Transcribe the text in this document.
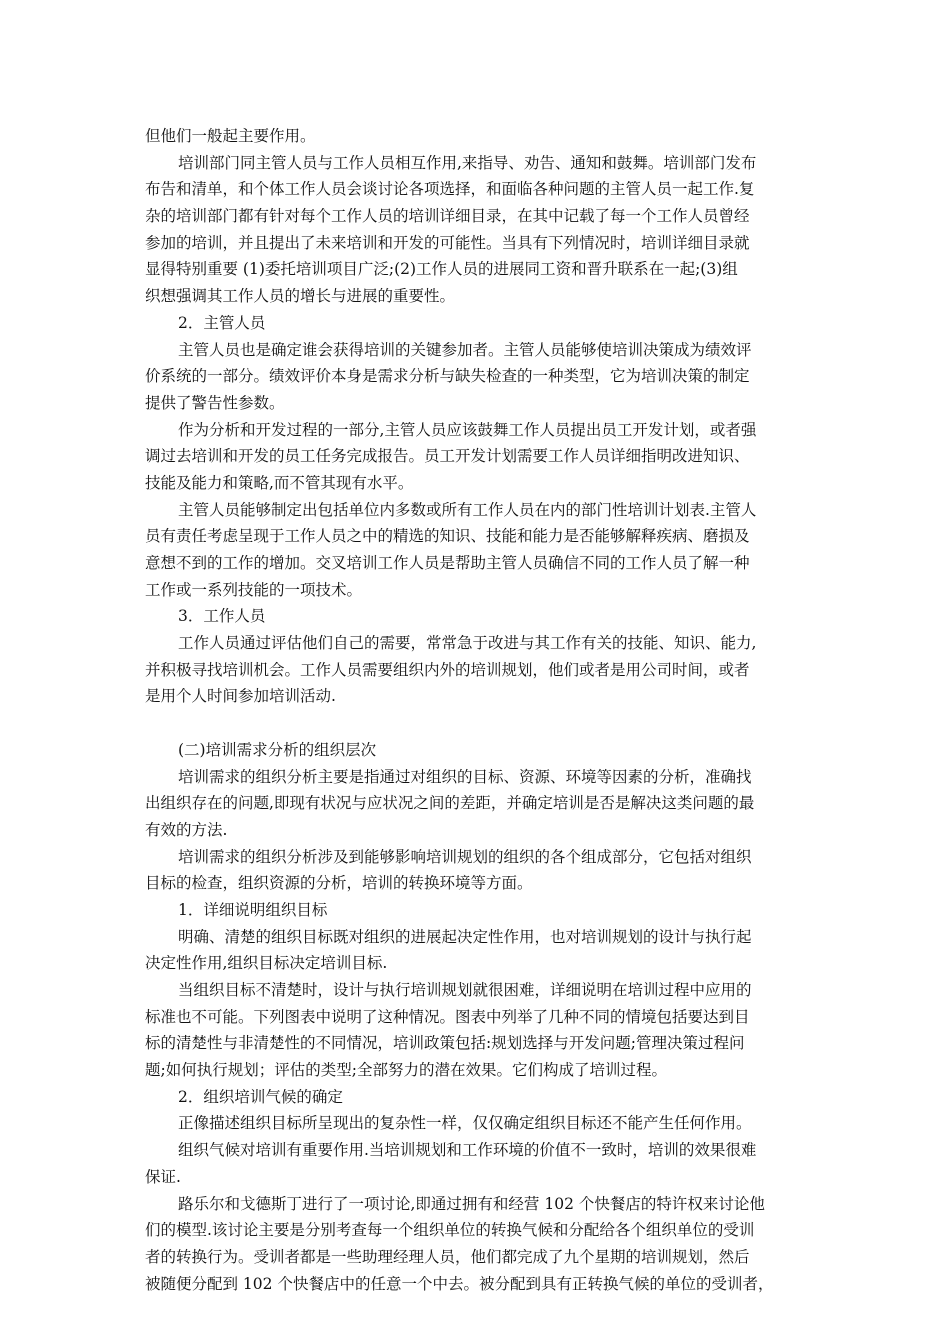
但他们一般起主要作用。
培训部门同主管人员与工作人员相互作用,来指导、劝告、通知和鼓舞。培训部门发布
布告和清单，和个体工作人员会谈讨论各项选择，和面临各种问题的主管人员一起工作.复
杂的培训部门都有针对每个工作人员的培训详细目录，在其中记载了每一个工作人员曾经
参加的培训，并且提出了未来培训和开发的可能性。当具有下列情况时，培训详细目录就
显得特别重要 (1)委托培训项目广泛;(2)工作人员的进展同工资和晋升联系在一起;(3)组
织想强调其工作人员的增长与进展的重要性。
2．主管人员
主管人员也是确定谁会获得培训的关键参加者。主管人员能够使培训决策成为绩效评
价系统的一部分。绩效评价本身是需求分析与缺失检查的一种类型，它为培训决策的制定
提供了警告性参数。
作为分析和开发过程的一部分,主管人员应该鼓舞工作人员提出员工开发计划，或者强
调过去培训和开发的员工任务完成报告。员工开发计划需要工作人员详细指明改进知识、
技能及能力和策略,而不管其现有水平。
主管人员能够制定出包括单位内多数或所有工作人员在内的部门性培训计划表.主管人
员有责任考虑呈现于工作人员之中的精选的知识、技能和能力是否能够解释疾病、磨损及
意想不到的工作的增加。交叉培训工作人员是帮助主管人员确信不同的工作人员了解一种
工作或一系列技能的一项技术。
3．工作人员
工作人员通过评估他们自己的需要，常常急于改进与其工作有关的技能、知识、能力,
并积极寻找培训机会。工作人员需要组织内外的培训规划，他们或者是用公司时间，或者
是用个人时间参加培训活动.
(二)培训需求分析的组织层次
培训需求的组织分析主要是指通过对组织的目标、资源、环境等因素的分析，准确找
出组织存在的问题,即现有状况与应状况之间的差距，并确定培训是否是解决这类问题的最
有效的方法.
培训需求的组织分析涉及到能够影响培训规划的组织的各个组成部分，它包括对组织
目标的检查，组织资源的分析，培训的转换环境等方面。
1．详细说明组织目标
明确、清楚的组织目标既对组织的进展起决定性作用，也对培训规划的设计与执行起
决定性作用,组织目标决定培训目标.
当组织目标不清楚时，设计与执行培训规划就很困难，详细说明在培训过程中应用的
标准也不可能。下列图表中说明了这种情况。图表中列举了几种不同的情境包括要达到目
标的清楚性与非清楚性的不同情况，培训政策包括:规划选择与开发问题;管理决策过程问
题;如何执行规划；评估的类型;全部努力的潜在效果。它们构成了培训过程。
2．组织培训气候的确定
正像描述组织目标所呈现出的复杂性一样，仅仅确定组织目标还不能产生任何作用。
组织气候对培训有重要作用.当培训规划和工作环境的价值不一致时，培训的效果很难
保证.
路乐尔和戈德斯丁进行了一项讨论,即通过拥有和经营 102 个快餐店的特许权来讨论他
们的模型.该讨论主要是分别考查每一个组织单位的转换气候和分配给各个组织单位的受训
者的转换行为。受训者都是一些助理经理人员，他们都完成了九个星期的培训规划，然后
被随便分配到 102 个快餐店中的任意一个中去。被分配到具有正转换气候的单位的受训者，
